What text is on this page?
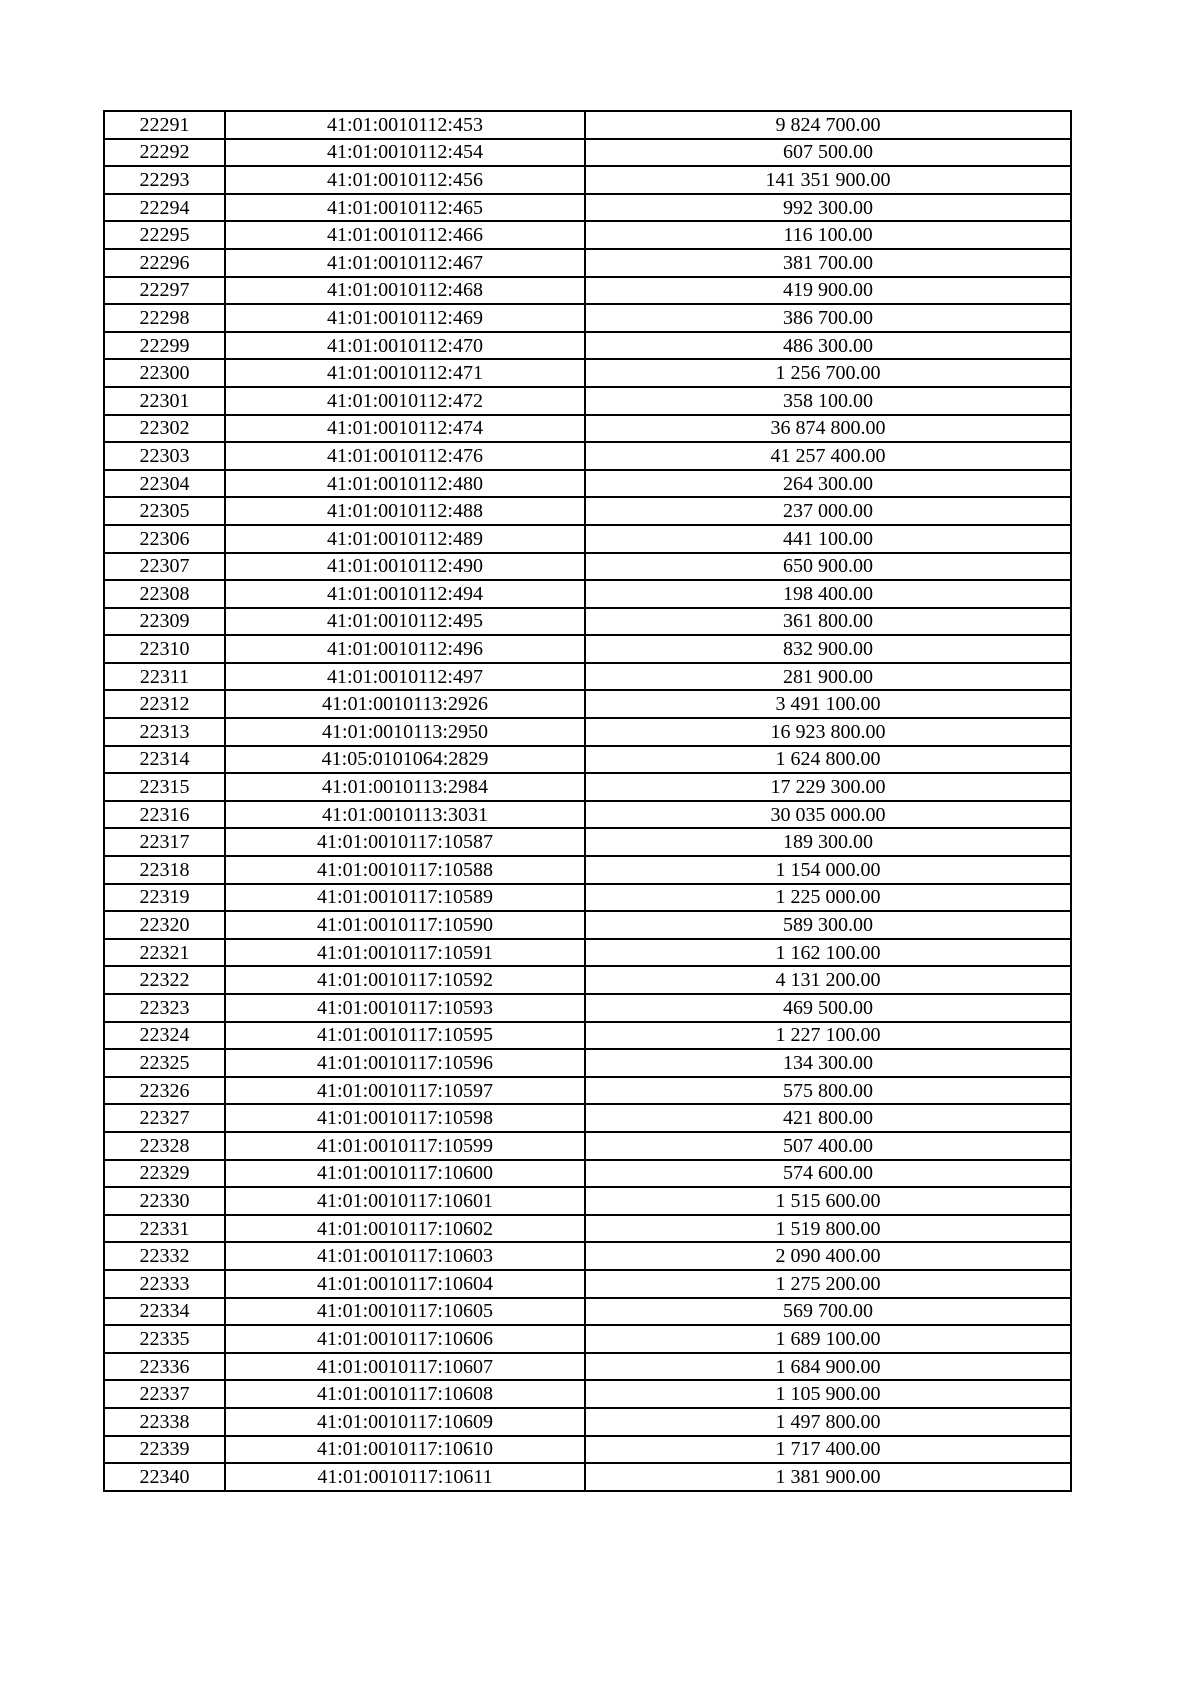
22291	41:01:0010112:453	9 824 700.00
22292	41:01:0010112:454	607 500.00
22293	41:01:0010112:456	141 351 900.00
22294	41:01:0010112:465	992 300.00
22295	41:01:0010112:466	116 100.00
22296	41:01:0010112:467	381 700.00
22297	41:01:0010112:468	419 900.00
22298	41:01:0010112:469	386 700.00
22299	41:01:0010112:470	486 300.00
22300	41:01:0010112:471	1 256 700.00
22301	41:01:0010112:472	358 100.00
22302	41:01:0010112:474	36 874 800.00
22303	41:01:0010112:476	41 257 400.00
22304	41:01:0010112:480	264 300.00
22305	41:01:0010112:488	237 000.00
22306	41:01:0010112:489	441 100.00
22307	41:01:0010112:490	650 900.00
22308	41:01:0010112:494	198 400.00
22309	41:01:0010112:495	361 800.00
22310	41:01:0010112:496	832 900.00
22311	41:01:0010112:497	281 900.00
22312	41:01:0010113:2926	3 491 100.00
22313	41:01:0010113:2950	16 923 800.00
22314	41:05:0101064:2829	1 624 800.00
22315	41:01:0010113:2984	17 229 300.00
22316	41:01:0010113:3031	30 035 000.00
22317	41:01:0010117:10587	189 300.00
22318	41:01:0010117:10588	1 154 000.00
22319	41:01:0010117:10589	1 225 000.00
22320	41:01:0010117:10590	589 300.00
22321	41:01:0010117:10591	1 162 100.00
22322	41:01:0010117:10592	4 131 200.00
22323	41:01:0010117:10593	469 500.00
22324	41:01:0010117:10595	1 227 100.00
22325	41:01:0010117:10596	134 300.00
22326	41:01:0010117:10597	575 800.00
22327	41:01:0010117:10598	421 800.00
22328	41:01:0010117:10599	507 400.00
22329	41:01:0010117:10600	574 600.00
22330	41:01:0010117:10601	1 515 600.00
22331	41:01:0010117:10602	1 519 800.00
22332	41:01:0010117:10603	2 090 400.00
22333	41:01:0010117:10604	1 275 200.00
22334	41:01:0010117:10605	569 700.00
22335	41:01:0010117:10606	1 689 100.00
22336	41:01:0010117:10607	1 684 900.00
22337	41:01:0010117:10608	1 105 900.00
22338	41:01:0010117:10609	1 497 800.00
22339	41:01:0010117:10610	1 717 400.00
22340	41:01:0010117:10611	1 381 900.00
